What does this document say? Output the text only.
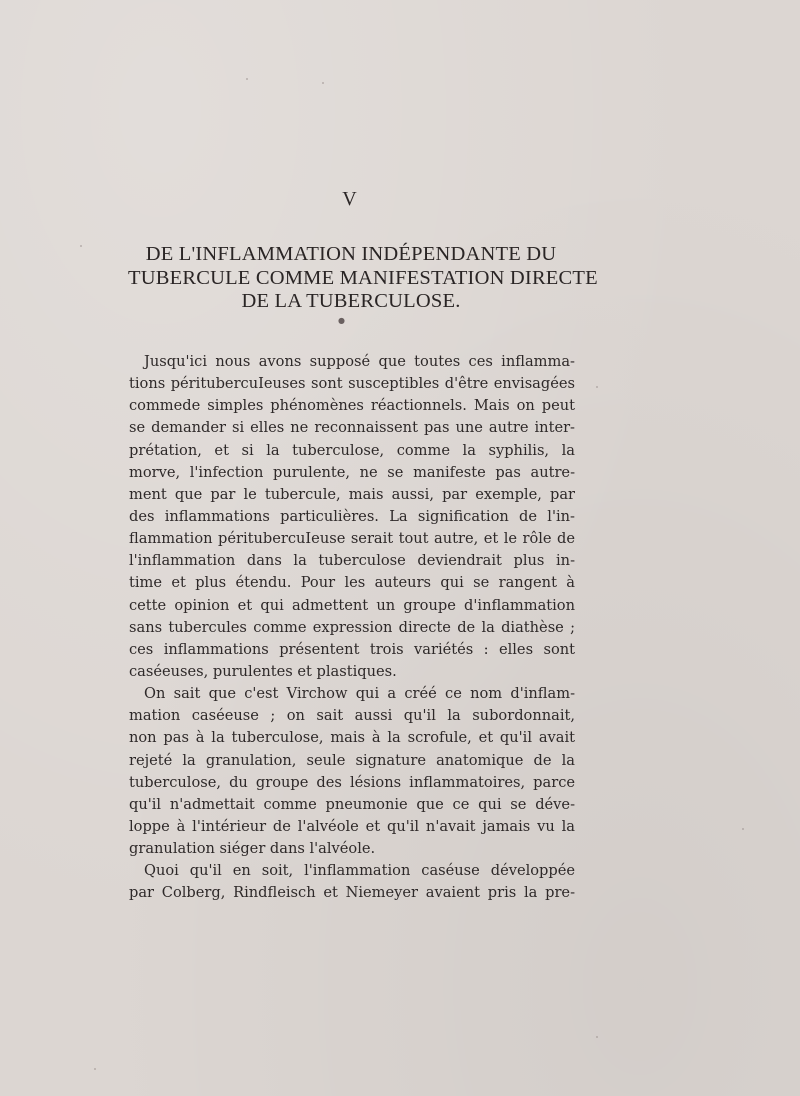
V
DE L'INFLAMMATION INDÉPENDANTE DU
TUBERCULE COMME MANIFESTATION DIRECTE
DE LA TUBERCULOSE.
●
Jusqu'ici nous avons supposé que toutes ces inflamma-
tions péritubercuIeuses sont susceptibles d'être envisagées
commede simples phénomènes réactionnels. Mais on peut
se demander si elles ne reconnaissent pas une autre inter-
prétation, et si la tuberculose, comme la syphilis, la
morve, l'infection purulente, ne se manifeste pas autre-
ment que par le tubercule, mais aussi, par exemple, par
des inflammations particulières. La signification de l'in-
flammation péritubercuIeuse serait tout autre, et le rôle de
l'inflammation dans la tuberculose deviendrait plus in-
time et plus étendu. Pour les auteurs qui se rangent à
cette opinion et qui admettent un groupe d'inflammation
sans tubercules comme expression directe de la diathèse ;
ces inflammations présentent trois variétés : elles sont
caséeuses, purulentes et plastiques.
On sait que c'est Virchow qui a créé ce nom d'inflam-
mation caséeuse ; on sait aussi qu'il la subordonnait,
non pas à la tuberculose, mais à la scrofule, et qu'il avait
rejeté la granulation, seule signature anatomique de la
tuberculose, du groupe des lésions inflammatoires, parce
qu'il n'admettait comme pneumonie que ce qui se déve-
loppe à l'intérieur de l'alvéole et qu'il n'avait jamais vu la
granulation siéger dans l'alvéole.
Quoi qu'il en soit, l'inflammation caséuse développée
par Colberg, Rindfleisch et Niemeyer avaient pris la pre-
